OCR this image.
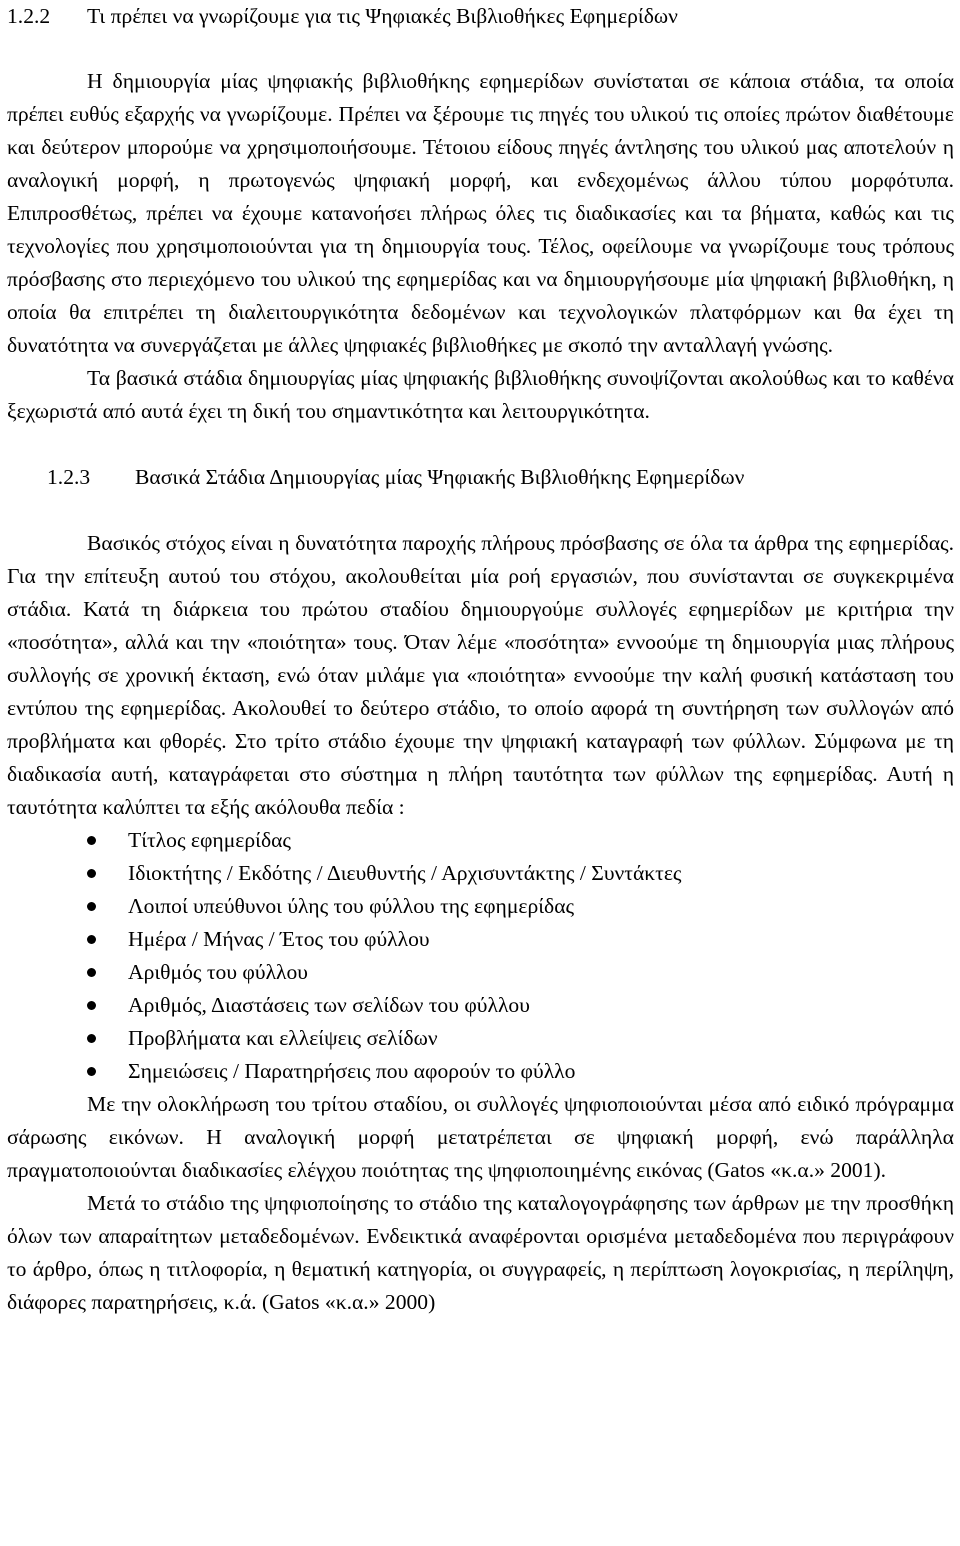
1.2.2 Τι πρέπει να γνωρίζουμε για τις Ψηφιακές Βιβλιοθήκες Εφημερίδων

Η δημιουργία μίας ψηφιακής βιβλιοθήκης εφημερίδων συνίσταται σε κάποια στάδια, τα οποία πρέπει ευθύς εξαρχής να γνωρίζουμε. Πρέπει να ξέρουμε τις πηγές του υλικού τις οποίες πρώτον διαθέτουμε και δεύτερον μπορούμε να χρησιμοποιήσουμε. Τέτοιου είδους πηγές άντλησης του υλικού μας αποτελούν η αναλογική μορφή, η πρωτογενώς ψηφιακή μορφή, και ενδεχομένως άλλου τύπου μορφότυπα. Επιπροσθέτως, πρέπει να έχουμε κατανοήσει πλήρως όλες τις διαδικασίες και τα βήματα, καθώς και τις τεχνολογίες που χρησιμοποιούνται για τη δημιουργία τους. Τέλος, οφείλουμε να γνωρίζουμε τους τρόπους πρόσβασης στο περιεχόμενο του υλικού της εφημερίδας και να δημιουργήσουμε μία ψηφιακή βιβλιοθήκη, η οποία θα επιτρέπει τη διαλειτουργικότητα δεδομένων και τεχνολογικών πλατφόρμων και θα έχει τη δυνατότητα να συνεργάζεται με άλλες ψηφιακές βιβλιοθήκες με σκοπό την ανταλλαγή γνώσης.

Τα βασικά στάδια δημιουργίας μίας ψηφιακής βιβλιοθήκης συνοψίζονται ακολούθως και το καθένα ξεχωριστά από αυτά έχει τη δική του σημαντικότητα και λειτουργικότητα.

1.2.3 Βασικά Στάδια Δημιουργίας μίας Ψηφιακής Βιβλιοθήκης Εφημερίδων

Βασικός στόχος είναι η δυνατότητα παροχής πλήρους πρόσβασης σε όλα τα άρθρα της εφημερίδας. Για την επίτευξη αυτού του στόχου, ακολουθείται μία ροή εργασιών, που συνίστανται σε συγκεκριμένα στάδια. Κατά τη διάρκεια του πρώτου σταδίου δημιουργούμε συλλογές εφημερίδων με κριτήρια την «ποσότητα», αλλά και την «ποιότητα» τους. Όταν λέμε «ποσότητα» εννοούμε τη δημιουργία μιας πλήρους συλλογής σε χρονική έκταση, ενώ όταν μιλάμε για «ποιότητα» εννοούμε την καλή φυσική κατάσταση του εντύπου της εφημερίδας. Ακολουθεί το δεύτερο στάδιο, το οποίο αφορά τη συντήρηση των συλλογών από προβλήματα και φθορές. Στο τρίτο στάδιο έχουμε την ψηφιακή καταγραφή των φύλλων. Σύμφωνα με τη διαδικασία αυτή, καταγράφεται στο σύστημα η πλήρη ταυτότητα των φύλλων της εφημερίδας. Αυτή η ταυτότητα καλύπτει τα εξής ακόλουθα πεδία :

Τίτλος εφημερίδας
Ιδιοκτήτης / Εκδότης / Διευθυντής / Αρχισυντάκτης / Συντάκτες
Λοιποί υπεύθυνοι ύλης του φύλλου της εφημερίδας
Ημέρα / Μήνας / Έτος του φύλλου
Αριθμός του φύλλου
Αριθμός, Διαστάσεις των σελίδων του φύλλου
Προβλήματα και ελλείψεις σελίδων
Σημειώσεις / Παρατηρήσεις που αφορούν το φύλλο

Με την ολοκλήρωση του τρίτου σταδίου, οι συλλογές ψηφιοποιούνται μέσα από ειδικό πρόγραμμα σάρωσης εικόνων. Η αναλογική μορφή μετατρέπεται σε ψηφιακή μορφή, ενώ παράλληλα πραγματοποιούνται διαδικασίες ελέγχου ποιότητας της ψηφιοποιημένης εικόνας (Gatos «κ.α.» 2001).

Μετά το στάδιο της ψηφιοποίησης το στάδιο της καταλογογράφησης των άρθρων με την προσθήκη όλων των απαραίτητων μεταδεδομένων. Ενδεικτικά αναφέρονται ορισμένα μεταδεδομένα που περιγράφουν το άρθρο, όπως η τιτλοφορία, η θεματική κατηγορία, οι συγγραφείς, η περίπτωση λογοκρισίας, η περίληψη, διάφορες παρατηρήσεις, κ.ά. (Gatos «κ.α.» 2000)
